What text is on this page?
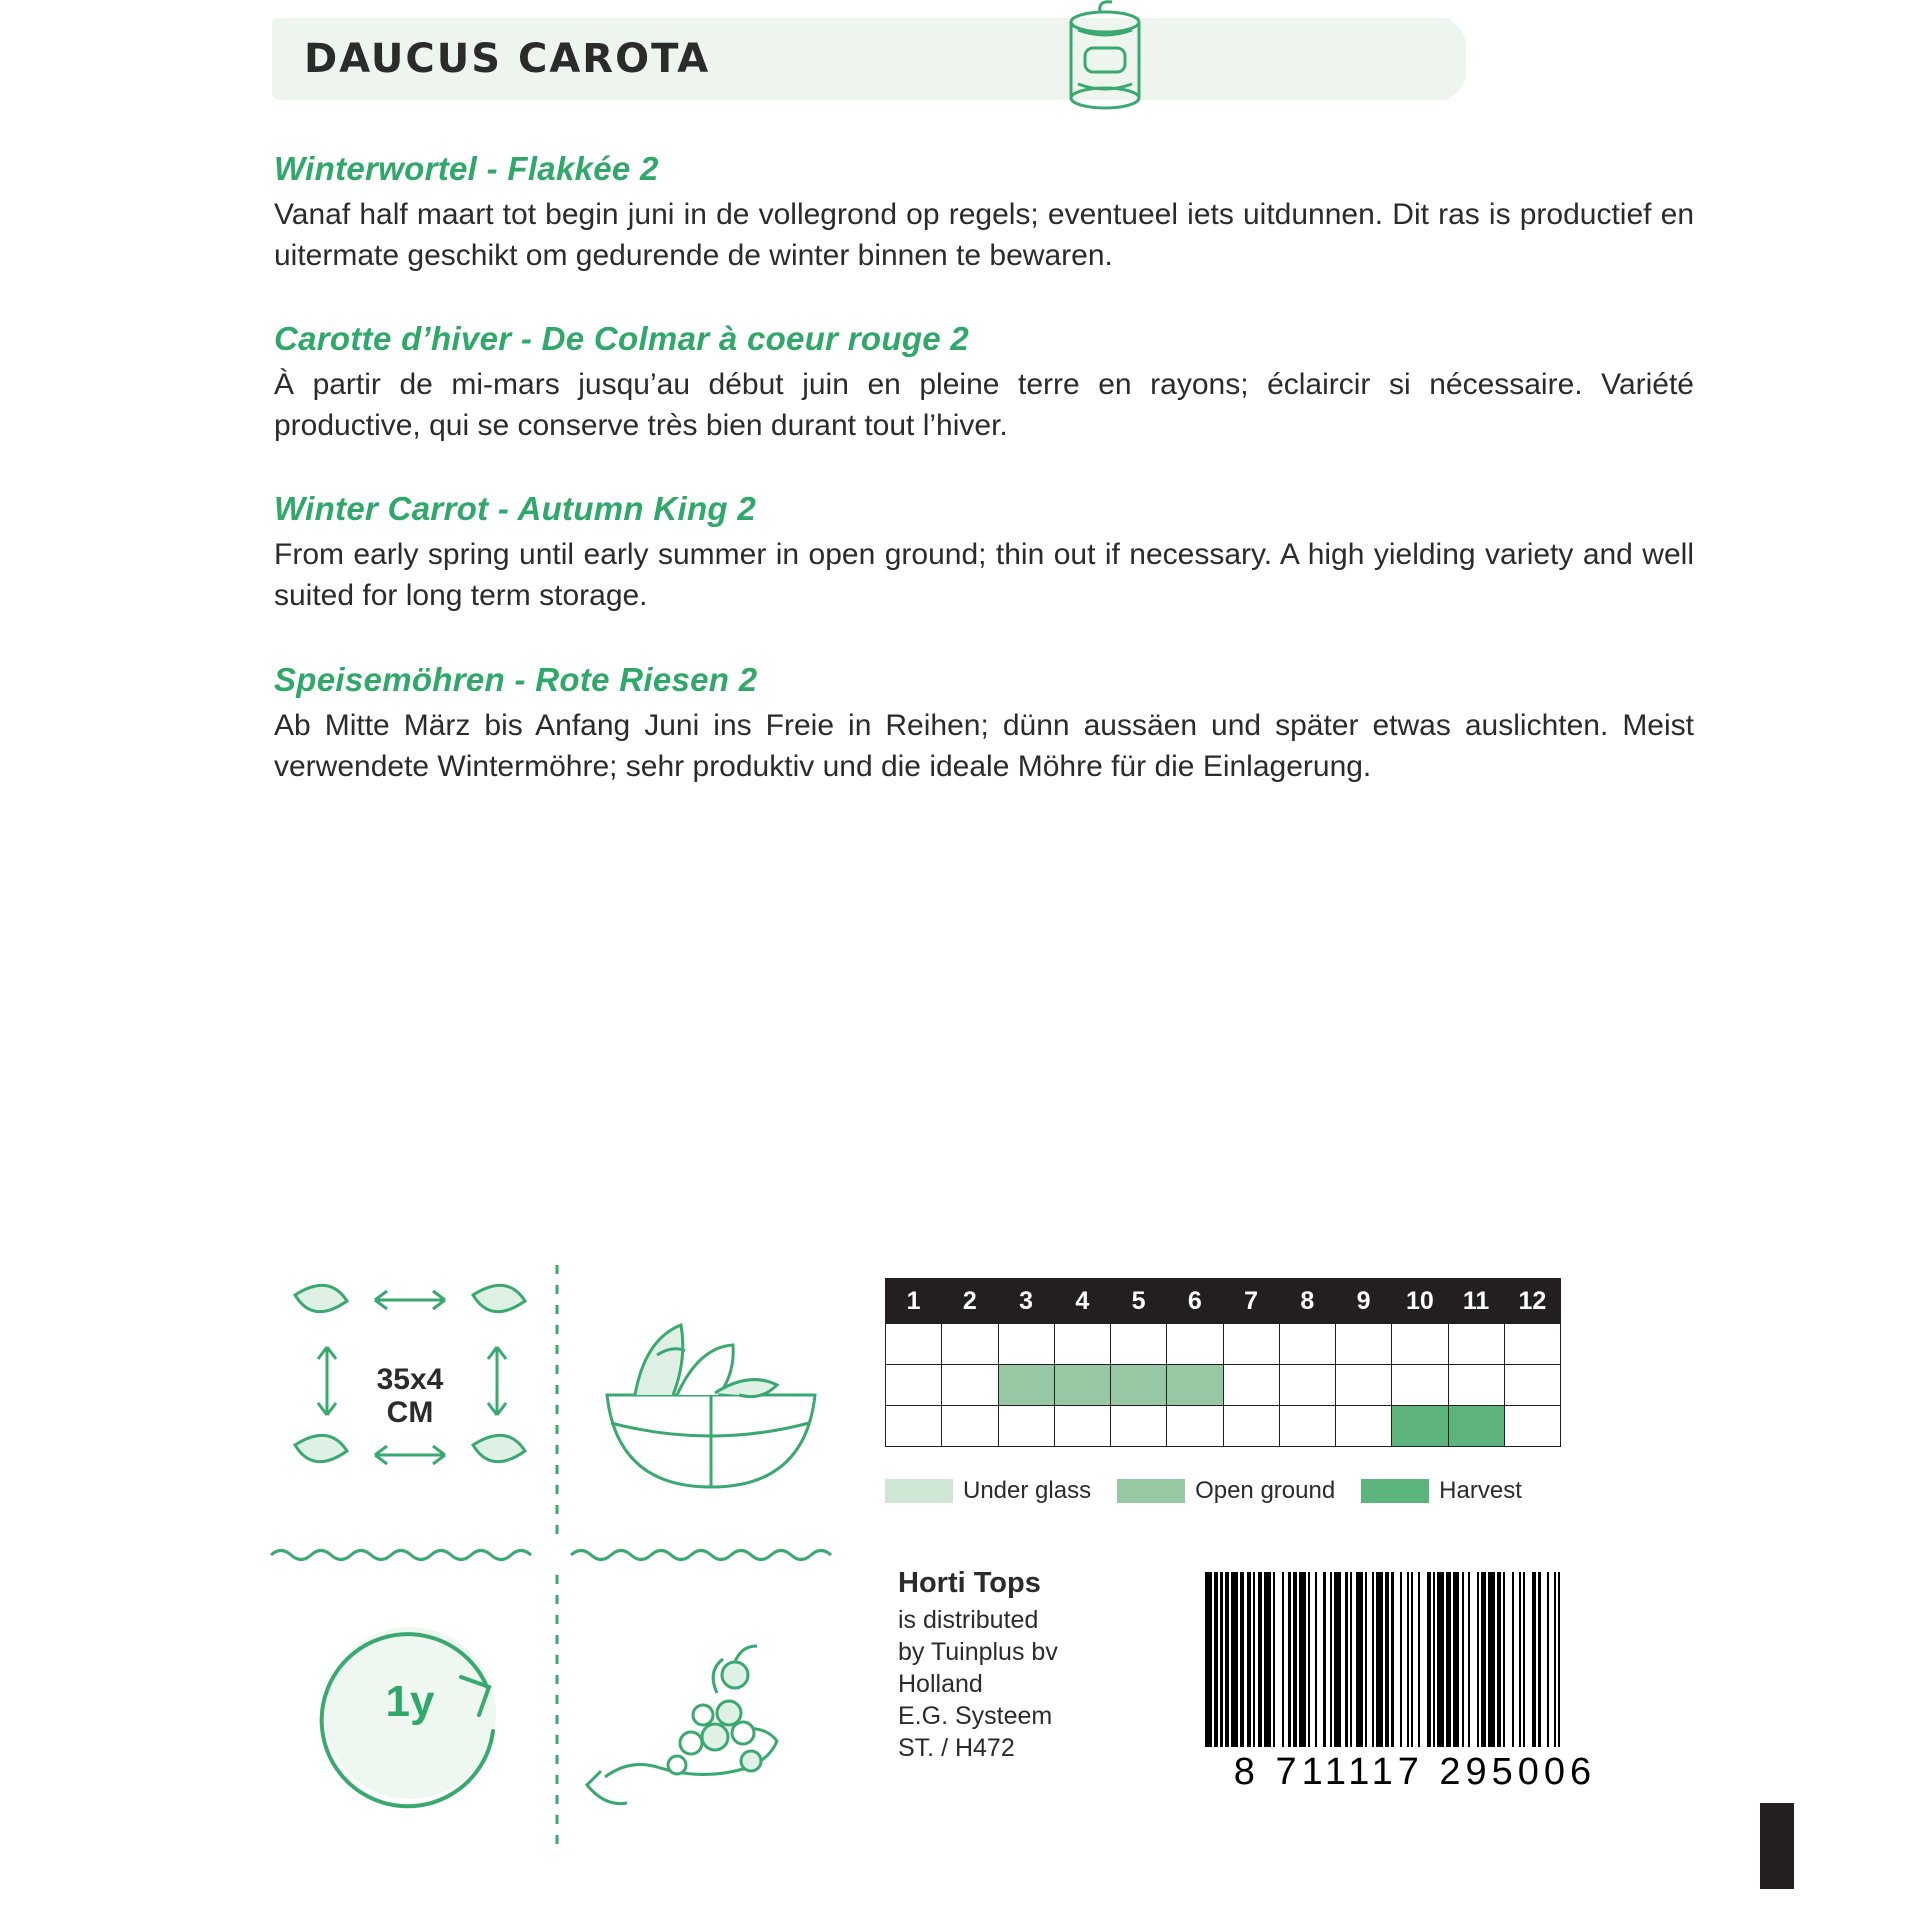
DAUCUS CAROTA
Winterwortel - Flakkée 2

Vanaf half maart tot begin juni in de vollegrond op regels; eventueel iets uitdunnen. Dit ras is productief en uitermate geschikt om gedurende de winter binnen te bewaren.

Carotte d’hiver - De Colmar à coeur rouge 2

À partir de mi-mars jusqu’au début juin en pleine terre en rayons; éclaircir si nécessaire. Variété productive, qui se conserve très bien durant tout l’hiver.

Winter Carrot - Autumn King 2

From early spring until early summer in open ground; thin out if necessary. A high yielding variety and well suited for long term storage.

Speisemöhren - Rote Riesen 2

Ab Mitte März bis Anfang Juni ins Freie in Reihen; dünn aussäen und später etwas auslichten. Meist verwendete Wintermöhre; sehr produktiv und die ideale Möhre für die Einlagerung.

35x4
CM
1y
1	2	3	4	5	6	7	8	9	10	11	12

Under glass	Open ground	Harvest
Horti Tops
is distributed
by Tuinplus bv
Holland
E.G. Systeem
ST. / H472
8 711117 295006
